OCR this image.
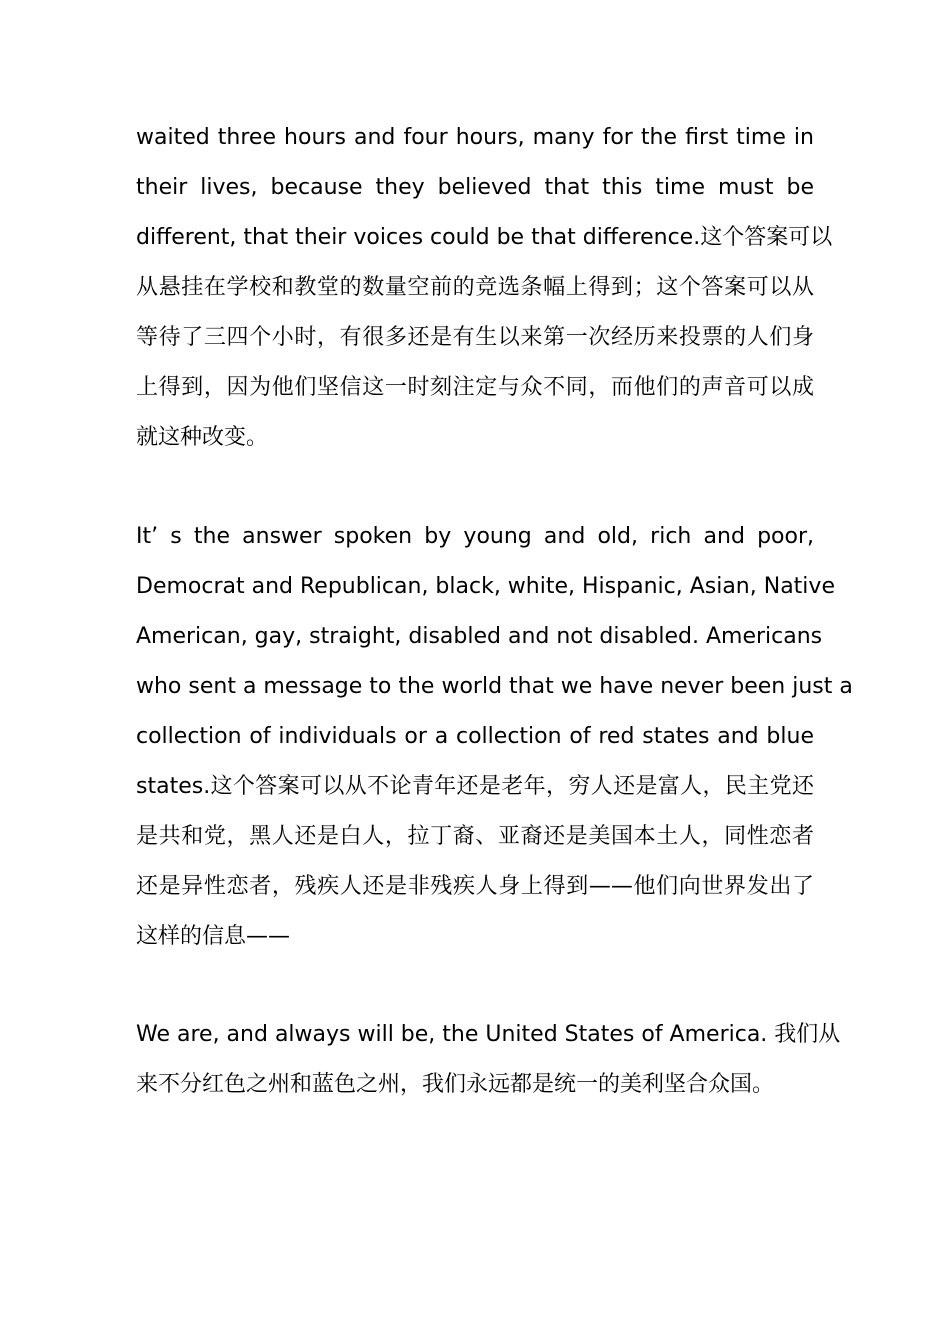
waited three hours and four hours, many for the first time in
their lives, because they believed that this time must be
different, that their voices could be that difference.这个答案可以
从悬挂在学校和教堂的数量空前的竞选条幅上得到；这个答案可以从
等待了三四个小时，有很多还是有生以来第一次经历来投票的人们身
上得到，因为他们坚信这一时刻注定与众不同，而他们的声音可以成
就这种改变。
It’ s the answer spoken by young and old, rich and poor,
Democrat and Republican, black, white, Hispanic, Asian, Native
American, gay, straight, disabled and not disabled. Americans
who sent a message to the world that we have never been just a
collection of individuals or a collection of red states and blue
states.这个答案可以从不论青年还是老年，穷人还是富人，民主党还
是共和党，黑人还是白人，拉丁裔、亚裔还是美国本土人，同性恋者
还是异性恋者，残疾人还是非残疾人身上得到——他们向世界发出了
这样的信息——
We are, and always will be, the United States of America. 我们从
来不分红色之州和蓝色之州，我们永远都是统一的美利坚合众国。
